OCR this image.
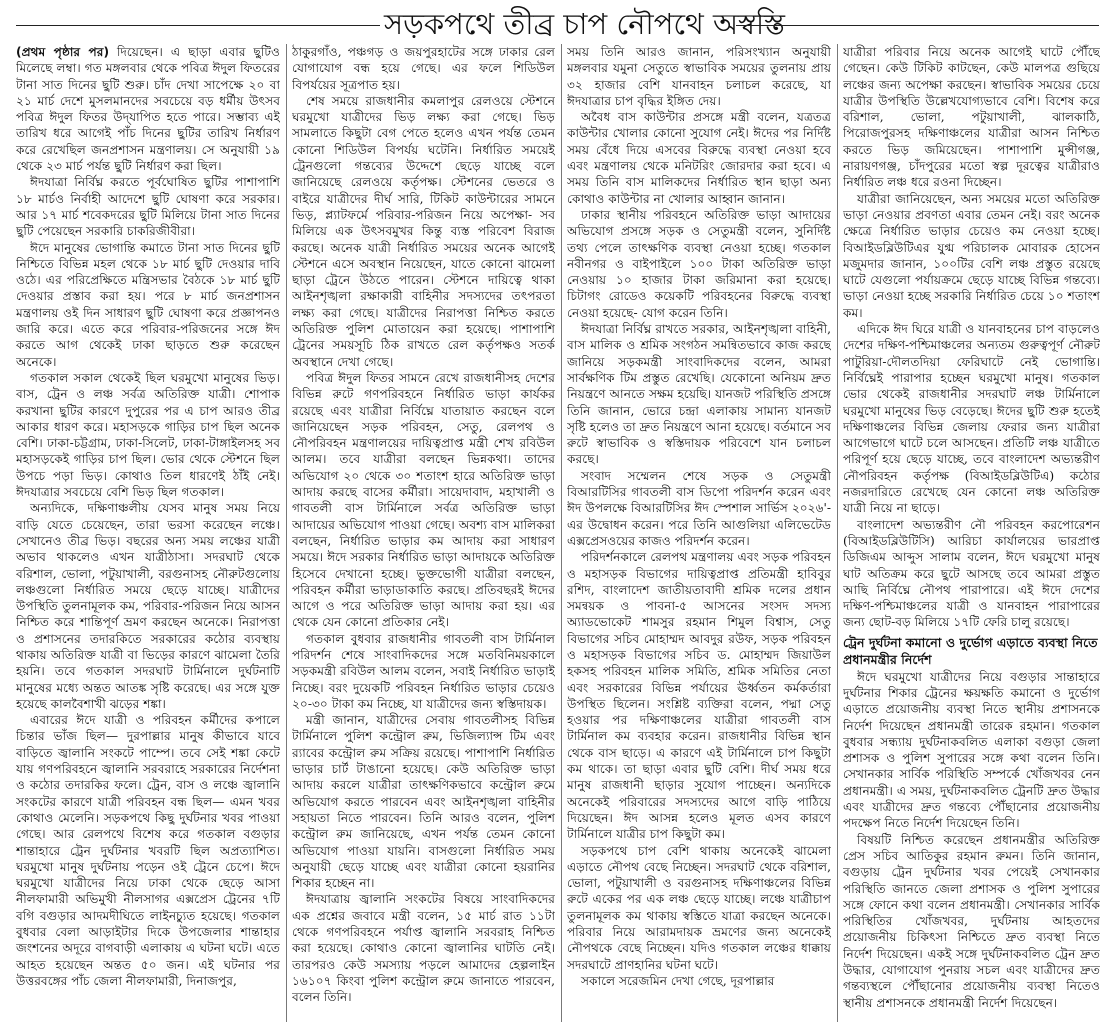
সড়কপথে তীব্র চাপ নৌপথে অস্বস্তি

(প্রথম পৃষ্ঠার পর) দিয়েছেন। এ ছাড়া এবার ছুটিও মিলেছে লম্বা। গত মঙ্গলবার থেকে পবিত্র ঈদুল ফিতরের টানা সাত দিনের ছুটি শুরু। চাঁদ দেখা সাপেক্ষে ২০ বা ২১ মার্চ দেশে মুসলমানদের সবচেয়ে বড় ধর্মীয় উৎসব পবিত্র ঈদুল ফিতর উদ্‌যাপিত হতে পারে। সম্ভাব্য এই তারিখ ধরে আগেই পাঁচ দিনের ছুটির তারিখ নির্ধারণ করে রেখেছিল জনপ্রশাসন মন্ত্রণালয়। সে অনুযায়ী ১৯ থেকে ২৩ মার্চ পর্যন্ত ছুটি নির্ধারণ করা ছিল।

ঈদযাত্রা নির্বিঘ্ন করতে পূর্বঘোষিত ছুটির পাশাপাশি ১৮ মার্চও নির্বাহী আদেশে ছুটি ঘোষণা করে সরকার। আর ১৭ মার্চ শবেকদরের ছুটি মিলিয়ে টানা সাত দিনের ছুটি পেয়েছেন সরকারি চাকরিজীবীরা।

ঈদে মানুষের ভোগান্তি কমাতে টানা সাত দিনের ছুটি নিশ্চিতে বিভিন্ন মহল থেকে ১৮ মার্চ ছুটি দেওয়ার দাবি ওঠে। এর পরিপ্রেক্ষিতে মন্ত্রিসভার বৈঠকে ১৮ মার্চ ছুটি দেওয়ার প্রস্তাব করা হয়। পরে ৮ মার্চ জনপ্রশাসন মন্ত্রণালয় ওই দিন সাধারণ ছুটি ঘোষণা করে প্রজ্ঞাপনও জারি করে। এতে করে পরিবার-পরিজনের সঙ্গে ঈদ করতে আগ থেকেই ঢাকা ছাড়তে শুরু করেছেন অনেকে।

গতকাল সকাল থেকেই ছিল ঘরমুখো মানুষের ভিড়। বাস, ট্রেন ও লঞ্চ সর্বত্র অতিরিক্ত যাত্রী। শোপাক করখানা ছুটির কারণে দুপুরের পর এ চাপ আরও তীব্র আকার ধারণ করে। মহাসড়কে গাড়ির চাপ ছিল অনেক বেশি। ঢাকা-চট্টগ্রাম, ঢাকা-সিলেট, ঢাকা-টাঙ্গাইলসহ সব মহাসড়কেই গাড়ির চাপ ছিল। ভোর থেকে স্টেশনে ছিল উপচে পড়া ভিড়। কোথাও তিল ধারণেই ঠাঁই নেই। ঈদযাত্রার সবচেয়ে বেশি ভিড় ছিল গতকাল।

অন্যদিকে, দক্ষিণাঞ্চলীয় যেসব মানুষ সময় নিয়ে বাড়ি যেতে চেয়েছেন, তারা ভরসা করেছেন লঞ্চে। সেখানেও তীব্র ভিড়। বছরের অন্য সময় লঞ্চের যাত্রী অভাব থাকলেও এখন যাত্রীঠাসা। সদরঘাট থেকে বরিশাল, ভোলা, পটুয়াখালী, বরগুনাসহ নৌরুটগুলোয় লঞ্চগুলো নির্ধারিত সময়ে ছেড়ে যাচ্ছে। যাত্রীদের উপস্থিতি তুলনামূলক কম, পরিবার-পরিজন নিয়ে আসন নিশ্চিত করে শান্তিপূর্ণ ভ্রমণ করছেন অনেকে। নিরাপত্তা ও প্রশাসনের তদারকিতে সরকারের কঠোর ব্যবস্থায় থাকায় অতিরিক্ত যাত্রী বা ভিড়ের কারণে ঝামেলা তৈরি হয়নি। তবে গতকাল সদরঘাট টার্মিনালে দুর্ঘটনাটি মানুষের মধ্যে অন্তত আতঙ্ক সৃষ্টি করেছে। এর সঙ্গে যুক্ত হয়েছে কালবৈশাখী ঝড়ের শঙ্কা।

এবারের ঈদে যাত্রী ও পরিবহন কর্মীদের কপালে চিন্তার ভাঁজ ছিল— দুরপাল্লার মানুষ কীভাবে যাবে বাড়িতে জ্বালানি সংকটে পাম্পে। তবে সেই শঙ্কা কেটে যায় গণপরিবহনে জ্বালানি সরবরাহে সরকারের নির্দেশনা ও কঠোর তদারকির ফলে। ট্রেন, বাস ও লঞ্চে জ্বালানি সংকটের কারণে যাত্রী পরিবহন বন্ধ ছিল— এমন খবর কোথাও মেলেনি। সড়কপথে কিছু দুর্ঘটনার খবর পাওয়া গেছে। আর রেলপথে বিশেষ করে গতকাল বগুড়ার শান্তাহারে ট্রেন দুর্ঘটনার খবরটি ছিল অপ্রত্যাশিত। ঘরমুখো মানুষ দুর্ঘটনায় পড়েন ওই ট্রেনে চেপে। ঈদে ঘরমুখো যাত্রীদের নিয়ে ঢাকা থেকে ছেড়ে আসা নীলফামারী অভিমুখী নীলসাগর এক্সপ্রেস ট্রেনের ৭টি বগি বগুড়ার আদমদীঘিতে লাইনচ্যুত হয়েছে। গতকাল বুধবার বেলা আড়াইটার দিকে উপজেলার শান্তাহার জংশনের অদূরে বাগবাড়ী এলাকায় এ ঘটনা ঘটে। এতে আহত হয়েছেন অন্তত ৫০ জন। এই ঘটনার পর উত্তরবঙ্গের পাঁচ জেলা নীলফামারী, দিনাজপুর,

ঠাকুরগাঁও, পঞ্চগড় ও জয়পুরহাটের সঙ্গে ঢাকার রেল যোগাযোগ বন্ধ হয়ে গেছে। এর ফলে শিডিউল বিপর্যয়ের সূত্রপাত হয়।

শেষ সময়ে রাজধানীর কমলাপুর রেলওয়ে স্টেশনে ঘরমুখো যাত্রীদের ভিড় লক্ষ্য করা গেছে। ভিড় সামলাতে কিছুটা বেগ পেতে হলেও এখন পর্যন্ত তেমন কোনো শিডিউল বিপর্যয় ঘটেনি। নির্ধারিত সময়েই ট্রেনগুলো গন্তব্যের উদ্দেশে ছেড়ে যাচ্ছে বলে জানিয়েছে রেলওয়ে কর্তৃপক্ষ। স্টেশনের ভেতরে ও বাইরে যাত্রীদের দীর্ঘ সারি, টিকিট কাউন্টারের সামনে ভিড়, প্ল্যাটফর্মে পরিবার-পরিজন নিয়ে অপেক্ষা- সব মিলিয়ে এক উৎসবমুখর কিন্তু ব্যস্ত পরিবেশ বিরাজ করছে। অনেক যাত্রী নির্ধারিত সময়ের অনেক আগেই স্টেশনে এসে অবস্থান নিয়েছেন, যাতে কোনো ঝামেলা ছাড়া ট্রেনে উঠতে পারেন। স্টেশনে দায়িত্বে থাকা আইনশৃঙ্খলা রক্ষাকারী বাহিনীর সদস্যদের তৎপরতা লক্ষ্য করা গেছে। যাত্রীদের নিরাপত্তা নিশ্চিত করতে অতিরিক্ত পুলিশ মোতায়েন করা হয়েছে। পাশাপাশি ট্রেনের সময়সূচি ঠিক রাখতে রেল কর্তৃপক্ষও সতর্ক অবস্থানে দেখা গেছে।

পবিত্র ঈদুল ফিতর সামনে রেখে রাজধানীসহ দেশের বিভিন্ন রুটে গণপরিবহনে নির্ধারিত ভাড়া কার্যকর রয়েছে এবং যাত্রীরা নির্বিঘ্নে যাতায়াত করছেন বলে জানিয়েছেন সড়ক পরিবহন, সেতু, রেলপথ ও নৌপরিবহন মন্ত্রণালয়ের দায়িত্বপ্রাপ্ত মন্ত্রী শেখ রবিউল আলম। তবে যাত্রীরা বলছেন ভিন্নকথা। তাদের অভিযোগ ২০ থেকে ৩০ শতাংশ হারে অতিরিক্ত ভাড়া আদায় করছে বাসের কর্মীরা। সায়েদাবাদ, মহাখালী ও গাবতলী বাস টার্মিনালে সর্বত্র অতিরিক্ত ভাড়া আদায়ের অভিযোগ পাওয়া গেছে। অবশ্য বাস মালিকরা বলছেন, নির্ধারিত ভাড়ার কম আদায় করা সাধারণ সময়ে। ঈদে সরকার নির্ধারিত ভাড়া আদায়কে অতিরিক্ত হিসেবে দেখানো হচ্ছে। ভুক্তভোগী যাত্রীরা বলছেন, পরিবহন কর্মীরা ভাড়াডাকাতি করছে। প্রতিবছরই ঈদের আগে ও পরে অতিরিক্ত ভাড়া আদায় করা হয়। এর থেকে যেন কোনো প্রতিকার নেই।

গতকাল বুধবার রাজধানীর গাবতলী বাস টার্মিনাল পরিদর্শন শেষে সাংবাদিকদের সঙ্গে মতবিনিময়কালে সড়কমন্ত্রী রবিউল আলম বলেন, সবাই নির্ধারিত ভাড়াই নিচ্ছে। বরং দুয়েকটি পরিবহন নির্ধারিত ভাড়ার চেয়েও ২০-৩০ টাকা কম নিচ্ছে, যা যাত্রীদের জন্য স্বস্তিদায়ক।

মন্ত্রী জানান, যাত্রীদের সেবায় গাবতলীসহ বিভিন্ন টার্মিনালে পুলিশ কন্ট্রোল রুম, ভিজিল্যান্স টিম এবং র‍্যাবের কন্ট্রোল রুম সক্রিয় রয়েছে। পাশাপাশি নির্ধারিত ভাড়ার চার্ট টাঙানো হয়েছে। কেউ অতিরিক্ত ভাড়া আদায় করলে যাত্রীরা তাৎক্ষণিকভাবে কন্ট্রোল রুমে অভিযোগ করতে পারবেন এবং আইনশৃঙ্খলা বাহিনীর সহায়তা নিতে পারবেন। তিনি আরও বলেন, পুলিশ কন্ট্রোল রুম জানিয়েছে, এখন পর্যন্ত তেমন কোনো অভিযোগ পাওয়া যায়নি। বাসগুলো নির্ধারিত সময় অনুযায়ী ছেড়ে যাচ্ছে এবং যাত্রীরা কোনো হয়রানির শিকার হচ্ছেন না।

ঈদযাত্রায় জ্বালানি সংকটের বিষয়ে সাংবাদিকদের এক প্রশ্নের জবাবে মন্ত্রী বলেন, ১৫ মার্চ রাত ১১টা থেকে গণপরিবহনে পর্যাপ্ত জ্বালানি সরবরাহ নিশ্চিত করা হয়েছে। কোথাও কোনো জ্বালানির ঘাটতি নেই। তারপরও কেউ সমস্যায় পড়লে আমাদের হেল্পলাইন ১৬১০৭ কিংবা পুলিশ কন্ট্রোল রুমে জানাতে পারবেন, বলেন তিনি।

সময় তিনি আরও জানান, পরিসংখ্যান অনুযায়ী মঙ্গলবার যমুনা সেতুতে স্বাভাবিক সময়ের তুলনায় প্রায় ৩২ হাজার বেশি যানবাহন চলাচল করেছে, যা ঈদযাত্রার চাপ বৃদ্ধির ইঙ্গিত দেয়।

অবৈধ বাস কাউন্টার প্রসঙ্গে মন্ত্রী বলেন, যত্রতত্র কাউন্টার খোলার কোনো সুযোগ নেই। ঈদের পর নির্দিষ্ট সময় বেঁধে দিয়ে এসবের বিরুদ্ধে ব্যবস্থা নেওয়া হবে এবং মন্ত্রণালয় থেকে মনিটরিং জোরদার করা হবে। এ সময় তিনি বাস মালিকদের নির্ধারিত স্থান ছাড়া অন্য কোথাও কাউন্টার না খোলার আহ্বান জানান।

ঢাকার স্থানীয় পরিবহনে অতিরিক্ত ভাড়া আদায়ের অভিযোগ প্রসঙ্গে সড়ক ও সেতুমন্ত্রী বলেন, সুনির্দিষ্ট তথ্য পেলে তাৎক্ষণিক ব্যবস্থা নেওয়া হচ্ছে। গতকাল নবীনগর ও বাইপাইলে ১০০ টাকা অতিরিক্ত ভাড়া নেওয়ায় ১০ হাজার টাকা জরিমানা করা হয়েছে। চিটাগং রোডেও কয়েকটি পরিবহনের বিরুদ্ধে ব্যবস্থা নেওয়া হয়েছে- যোগ করেন তিনি।

ঈদযাত্রা নির্বিঘ্ন রাখতে সরকার, আইনশৃঙ্খলা বাহিনী, বাস মালিক ও শ্রমিক সংগঠন সমন্বিতভাবে কাজ করছে জানিয়ে সড়কমন্ত্রী সাংবাদিকদের বলেন, আমরা সার্বক্ষণিক টিম প্রস্তুত রেখেছি। যেকোনো অনিয়ম দ্রুত নিয়ন্ত্রণে আনতে সক্ষম হয়েছি। যানজট পরিস্থিতি প্রসঙ্গে তিনি জানান, ভোরে চন্দ্রা এলাকায় সামান্য যানজট সৃষ্টি হলেও তা দ্রুত নিয়ন্ত্রণে আনা হয়েছে। বর্তমানে সব রুটে স্বাভাবিক ও স্বস্তিদায়ক পরিবেশে যান চলাচল করছে।

সংবাদ সম্মেলন শেষে সড়ক ও সেতুমন্ত্রী বিআরটিসির গাবতলী বাস ডিপো পরিদর্শন করেন এবং ঈদ উপলক্ষে বিআরটিসির ঈদ স্পেশাল সার্ভিস ২০২৬'-এর উদ্বোধন করেন। পরে তিনি আগুলিয়া এলিভেটেড এক্সপ্রেসওয়ের কাজও পরিদর্শন করেন।

পরিদর্শনকালে রেলপথ মন্ত্রণালয় এবং সড়ক পরিবহন ও মহাসড়ক বিভাগের দায়িত্বপ্রাপ্ত প্রতিমন্ত্রী হাবিবুর রশিদ, বাংলাদেশ জাতীয়তাবাদী শ্রমিক দলের প্রধান সমন্বয়ক ও পাবনা-৫ আসনের সংসদ সদস্য অ্যাডভোকেট শামসুর রহমান শিমুল বিশ্বাস, সেতু বিভাগের সচিব মোহাম্মদ আবদুর রউফ, সড়ক পরিবহন ও মহাসড়ক বিভাগের সচিব ড. মোহাম্মদ জিয়াউল হকসহ পরিবহন মালিক সমিতি, শ্রমিক সমিতির নেতা এবং সরকারের বিভিন্ন পর্যায়ের ঊর্ধ্বতন কর্মকর্তারা উপস্থিত ছিলেন। সংশ্লিষ্ট ব্যক্তিরা বলেন, পদ্মা সেতু হওয়ার পর দক্ষিণাঞ্চলের যাত্রীরা গাবতলী বাস টার্মিনাল কম ব্যবহার করেন। রাজধানীর বিভিন্ন স্থান থেকে বাস ছাড়ে। এ কারণে এই টার্মিনালে চাপ কিছুটা কম থাকে। তা ছাড়া এবার ছুটি বেশি। দীর্ঘ সময় ধরে মানুষ রাজধানী ছাড়ার সুযোগ পাচ্ছেন। অন্যদিকে অনেকেই পরিবারের সদস্যদের আগে বাড়ি পাঠিয়ে দিয়েছেন। ঈদ আসন্ন হলেও মূলত এসব কারণে টার্মিনালে যাত্রীর চাপ কিছুটা কম।

সড়কপথে চাপ বেশি থাকায় অনেকেই ঝামেলা এড়াতে নৌপথ বেছে নিচ্ছেন। সদরঘাট থেকে বরিশাল, ভোলা, পটুয়াখালী ও বরগুনাসহ দক্ষিণাঞ্চলের বিভিন্ন রুটে একের পর এক লঞ্চ ছেড়ে যাচ্ছে। লঞ্চে যাত্রীচাপ তুলনামূলক কম থাকায় স্বস্তিতে যাত্রা করছেন অনেকে। পরিবার নিয়ে আরামদায়ক ভ্রমণের জন্য অনেকেই নৌপথকে বেছে নিচ্ছেন। যদিও গতকাল লঞ্চের ধাক্কায় সদরঘাটে প্রাণহানির ঘটনা ঘটে।

সকালে সরেজমিন দেখা গেছে, দূরপাল্লার

যাত্রীরা পরিবার নিয়ে অনেক আগেই ঘাটে পৌঁছে গেছেন। কেউ টিকিট কাটছেন, কেউ মালপত্র গুছিয়ে লঞ্চের জন্য অপেক্ষা করছেন। স্বাভাবিক সময়ের চেয়ে যাত্রীর উপস্থিতি উল্লেখযোগ্যভাবে বেশি। বিশেষ করে বরিশাল, ভোলা, পটুয়াখালী, ঝালকাঠি, পিরোজপুরসহ দক্ষিণাঞ্চলের যাত্রীরা আসন নিশ্চিত করতে ভিড় জমিয়েছেন। পাশাপাশি মুন্সীগঞ্জ, নারায়ণগঞ্জ, চাঁদপুরের মতো স্বল্প দূরত্বের যাত্রীরাও নির্ধারিত লঞ্চ ধরে রওনা দিচ্ছেন।

যাত্রীরা জানিয়েছেন, অন্য সময়ের মতো অতিরিক্ত ভাড়া নেওয়ার প্রবণতা এবার তেমন নেই। বরং অনেক ক্ষেত্রে নির্ধারিত ভাড়ার চেয়েও কম নেওয়া হচ্ছে। বিআইডব্লিউটিএর যুগ্ম পরিচালক মোবারক হোসেন মজুমদার জানান, ১০০টির বেশি লঞ্চ প্রস্তুত রয়েছে ঘাটে যেগুলো পর্যায়ক্রমে ছেড়ে যাচ্ছে বিভিন্ন গন্তব্যে। ভাড়া নেওয়া হচ্ছে সরকারি নির্ধারিত চেয়ে ১০ শতাংশ কম।

এদিকে ঈদ ঘিরে যাত্রী ও যানবাহনের চাপ বাড়লেও দেশের দক্ষিণ-পশ্চিমাঞ্চলের অন্যতম গুরুত্বপূর্ণ নৌরুট পাটুরিয়া-দৌলতদিয়া ফেরিঘাটে নেই ভোগান্তি। নির্বিঘ্নেই পারাপার হচ্ছেন ঘরমুখো মানুষ। গতকাল ভোর থেকেই রাজধানীর সদরঘাট লঞ্চ টার্মিনালে ঘরমুখো মানুষের ভিড় বেড়েছে। ঈদের ছুটি শুরু হতেই দক্ষিণাঞ্চলের বিভিন্ন জেলায় ফেরার জন্য যাত্রীরা আগেভাগে ঘাটে চলে আসছেন। প্রতিটি লঞ্চ যাত্রীতে পরিপূর্ণ হয়ে ছেড়ে যাচ্ছে, তবে বাংলাদেশ অভ্যন্তরীণ নৌপরিবহন কর্তৃপক্ষ (বিআইডব্লিউটিএ) কঠোর নজরদারিতে রেখেছে যেন কোনো লঞ্চ অতিরিক্ত যাত্রী নিয়ে না ছাড়ে।

বাংলাদেশ অভ্যন্তরীণ নৌ পরিবহন করপোরেশন (বিআইডব্লিউটিসি) আরিচা কার্যালয়ের ভারপ্রাপ্ত ডিজিএম আব্দুস সালাম বলেন, ঈদে ঘরমুখো মানুষ ঘাট অতিক্রম করে ছুটে আসছে তবে আমরা প্রস্তুত আছি নির্বিঘ্নে নৌপথ পারাপারে। এই ঈদে দেশের দক্ষিণ-পশ্চিমাঞ্চলের যাত্রী ও যানবাহন পারাপারের জন্য ছোট-বড় মিলিয়ে ১৭টি ফেরি চালু রয়েছে।

ট্রেন দুর্ঘটনা কমানো ও দুর্ভোগ এড়াতে ব্যবস্থা নিতে প্রধানমন্ত্রীর নির্দেশ

ঈদে ঘরমুখো যাত্রীদের নিয়ে বগুড়ার সান্তাহারে দুর্ঘটনার শিকার ট্রেনের ক্ষয়ক্ষতি কমানো ও দুর্ভোগ এড়াতে প্রয়োজনীয় ব্যবস্থা নিতে স্থানীয় প্রশাসনকে নির্দেশ দিয়েছেন প্রধানমন্ত্রী তারেক রহমান। গতকাল বুধবার সন্ধ্যায় দুর্ঘটনাকবলিত এলাকা বগুড়া জেলা প্রশাসক ও পুলিশ সুপারের সঙ্গে কথা বলেন তিনি। সেখানকার সার্বিক পরিস্থিতি সম্পর্কে খোঁজখবর নেন প্রধানমন্ত্রী। এ সময়, দুর্ঘটনাকবলিত ট্রেনটি দ্রুত উদ্ধার এবং যাত্রীদের দ্রুত গন্তব্যে পৌঁছানোর প্রয়োজনীয় পদক্ষেপ নিতে নির্দেশ দিয়েছেন তিনি।

বিষয়টি নিশ্চিত করেছেন প্রধানমন্ত্রীর অতিরিক্ত প্রেস সচিব আতিকুর রহমান রুমন। তিনি জানান, বগুড়ায় ট্রেন দুর্ঘটনার খবর পেয়েই সেখানকার পরিস্থিতি জানতে জেলা প্রশাসক ও পুলিশ সুপারের সঙ্গে ফোনে কথা বলেন প্রধানমন্ত্রী। সেখানকার সার্বিক পরিস্থিতির খোঁজখবর, দুর্ঘটনায় আহতদের প্রয়োজনীয় চিকিৎসা নিশ্চিতে দ্রুত ব্যবস্থা নিতে নির্দেশ দিয়েছেন। একই সঙ্গে দুর্ঘটনাকবলিত ট্রেন দ্রুত উদ্ধার, যোগাযোগ পুনরায় সচল এবং যাত্রীদের দ্রুত গন্তব্যস্থলে পৌঁছানোর প্রয়োজনীয় ব্যবস্থা নিতেও স্থানীয় প্রশাসনকে প্রধানমন্ত্রী নির্দেশ দিয়েছেন।
